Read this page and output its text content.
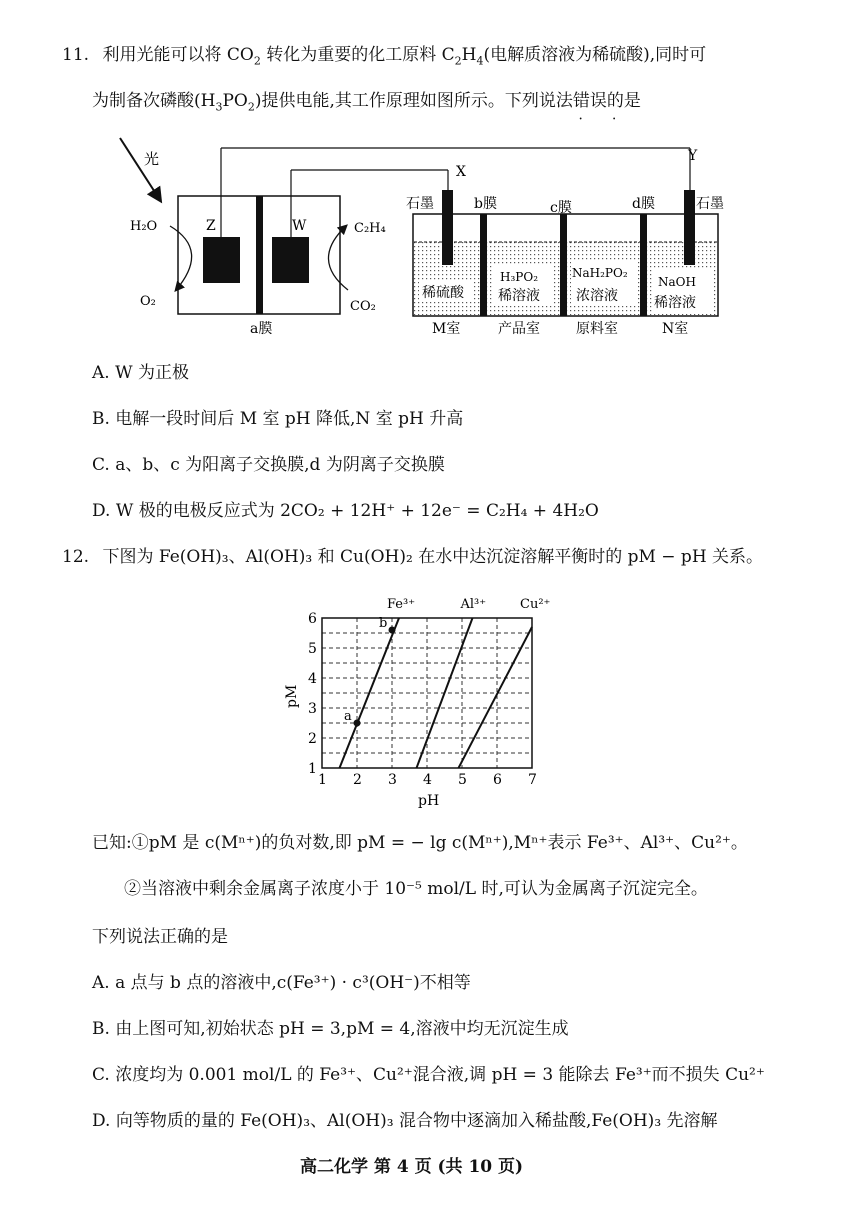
11. 利用光能可以将 $CO_2$ 转化为重要的化工原料 $C_2H_4$(电解质溶液为稀硫酸),同时可
为制备次磷酸$(H_3PO_2)$提供电能,其工作原理如图所示。下列说法错误 • •的是
光
Z	W
H₂O
O₂
C₂H₄
CO₂
a膜
X
Y
石墨	石墨
b膜	c膜	d膜
稀硫酸
H₃PO₂
稀溶液
NaH₂PO₂
浓溶液
NaOH
稀溶液
M室	产品室	原料室	N室
A. W 为正极
B. 电解一段时间后 M 室 pH 降低,N 室 pH 升高
C. a、b、c 为阳离子交换膜,d 为阴离子交换膜
D. W 极的电极反应式为 2CO₂ + 12H⁺ + 12e⁻ = C₂H₄ + 4H₂O
12. 下图为 Fe(OH)₃、Al(OH)₃ 和 Cu(OH)₂ 在水中达沉淀溶解平衡时的 pM − pH 关系。
1 2 3 4 5 6 7
1
2
3
4
5
6
Fe³⁺	Al³⁺	Cu²⁺
a
b
pH
pM
已知:①pM 是 c(Mⁿ⁺)的负对数,即 pM = − lg c(Mⁿ⁺),Mⁿ⁺表示 Fe³⁺、Al³⁺、Cu²⁺。
②当溶液中剩余金属离子浓度小于 10⁻⁵ mol/L 时,可认为金属离子沉淀完全。
下列说法正确的是
A. a 点与 b 点的溶液中,c(Fe³⁺) · c³(OH⁻)不相等
B. 由上图可知,初始状态 pH = 3,pM = 4,溶液中均无沉淀生成
C. 浓度均为 0.001 mol/L 的 Fe³⁺、Cu²⁺混合液,调 pH = 3 能除去 Fe³⁺而不损失 Cu²⁺
D. 向等物质的量的 Fe(OH)₃、Al(OH)₃ 混合物中逐滴加入稀盐酸,Fe(OH)₃ 先溶解
高二化学 第 4 页 (共 10 页)
